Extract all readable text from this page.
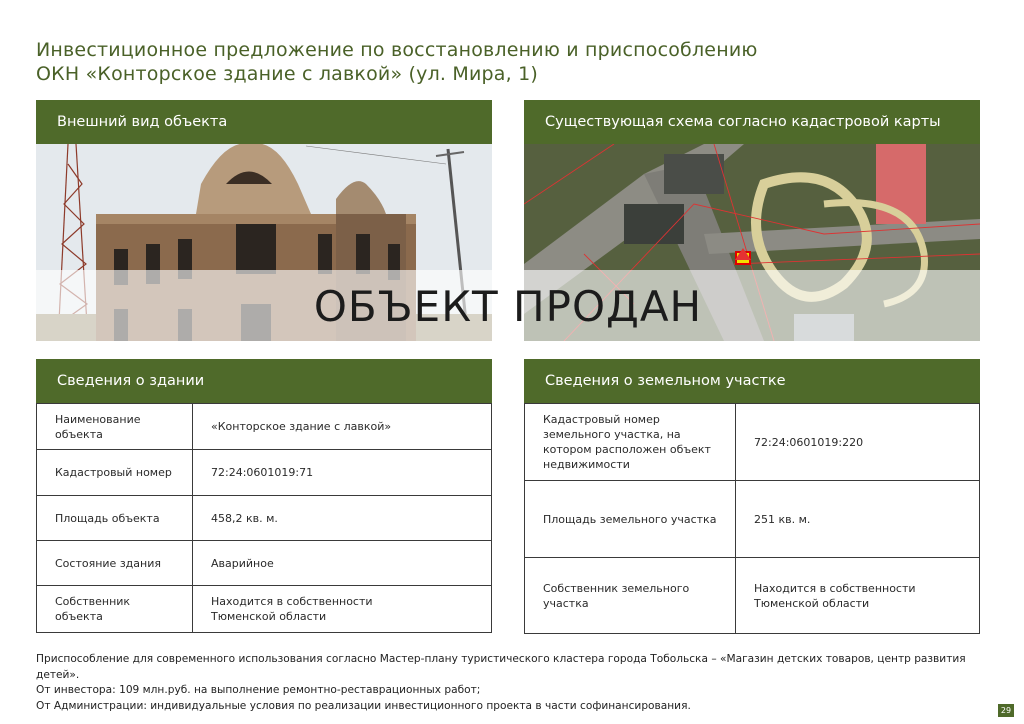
Инвестиционное предложение по восстановлению и приспособлению
ОКН «Конторское здание с лавкой» (ул. Мира, 1)
Внешний вид объекта	Существующая схема согласно кадастровой карты
ОБЪЕКТ ПРОДАН
Сведения о здании
Наименование объекта	«Конторское здание с лавкой»
Кадастровый номер	72:24:0601019:71
Площадь объекта	458,2 кв. м.
Состояние здания	Аварийное
Собственник объекта	Находится в собственности
Тюменской области
Сведения о земельном участке
Кадастровый номер земельного участка, на котором расположен объект недвижимости	72:24:0601019:220
Площадь земельного участка	251 кв. м.
Собственник земельного участка	Находится в собственности
Тюменской области
Приспособление для современного использования согласно Мастер-плану туристического кластера города Тобольска – «Магазин детских товаров, центр развития детей».
От инвестора: 109 млн.руб. на выполнение ремонтно-реставрационных работ;
От Администрации: индивидуальные условия по реализации инвестиционного проекта в части софинансирования.	29
